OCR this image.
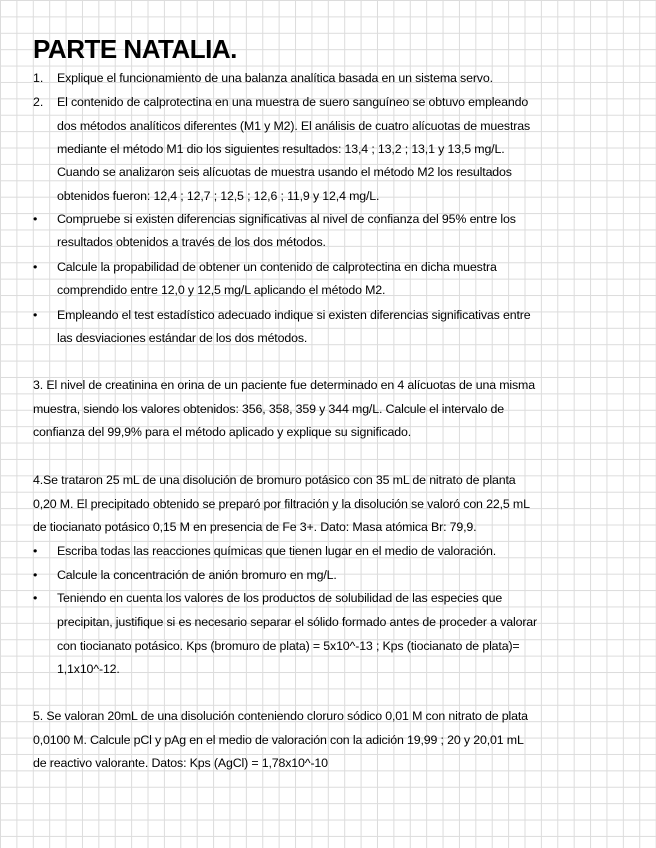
PARTE NATALIA.
1. Explique el funcionamiento de una balanza analítica basada en un sistema servo.

2. El contenido de calprotectina en una muestra de suero sanguíneo se obtuvo empleando

dos métodos analíticos diferentes (M1 y M2). El análisis de cuatro alícuotas de muestras

mediante el método M1 dio los siguientes resultados: 13,4 ; 13,2 ; 13,1 y 13,5 mg/L.

Cuando se analizaron seis alícuotas de muestra usando el método M2 los resultados

obtenidos fueron: 12,4 ; 12,7 ; 12,5 ; 12,6 ; 11,9 y 12,4 mg/L.

• Compruebe si existen diferencias significativas al nivel de confianza del 95% entre los

resultados obtenidos a través de los dos métodos.

• Calcule la propabilidad de obtener un contenido de calprotectina en dicha muestra

comprendido entre 12,0 y 12,5 mg/L aplicando el método M2.

• Empleando el test estadístico adecuado indique si existen diferencias significativas entre

las desviaciones estándar de los dos métodos.

3. El nivel de creatinina en orina de un paciente fue determinado en 4 alícuotas de una misma

muestra, siendo los valores obtenidos: 356, 358, 359 y 344 mg/L. Calcule el intervalo de

confianza del 99,9% para el método aplicado y explique su significado.

4.Se trataron 25 mL de una disolución de bromuro potásico con 35 mL de nitrato de planta

0,20 M. El precipitado obtenido se preparó por filtración y la disolución se valoró con 22,5 mL

de tiocianato potásico 0,15 M en presencia de Fe 3+. Dato: Masa atómica Br: 79,9.

• Escriba todas las reacciones químicas que tienen lugar en el medio de valoración.

• Calcule la concentración de anión bromuro en mg/L.

• Teniendo en cuenta los valores de los productos de solubilidad de las especies que

precipitan, justifique si es necesario separar el sólido formado antes de proceder a valorar

con tiocianato potásico. Kps (bromuro de plata) = 5x10^-13 ; Kps (tiocianato de plata)=

1,1x10^-12.

5. Se valoran 20mL de una disolución conteniendo cloruro sódico 0,01 M con nitrato de plata

0,0100 M. Calcule pCl y pAg en el medio de valoración con la adición 19,99 ; 20 y 20,01 mL

de reactivo valorante. Datos: Kps (AgCl) = 1,78x10^-10
